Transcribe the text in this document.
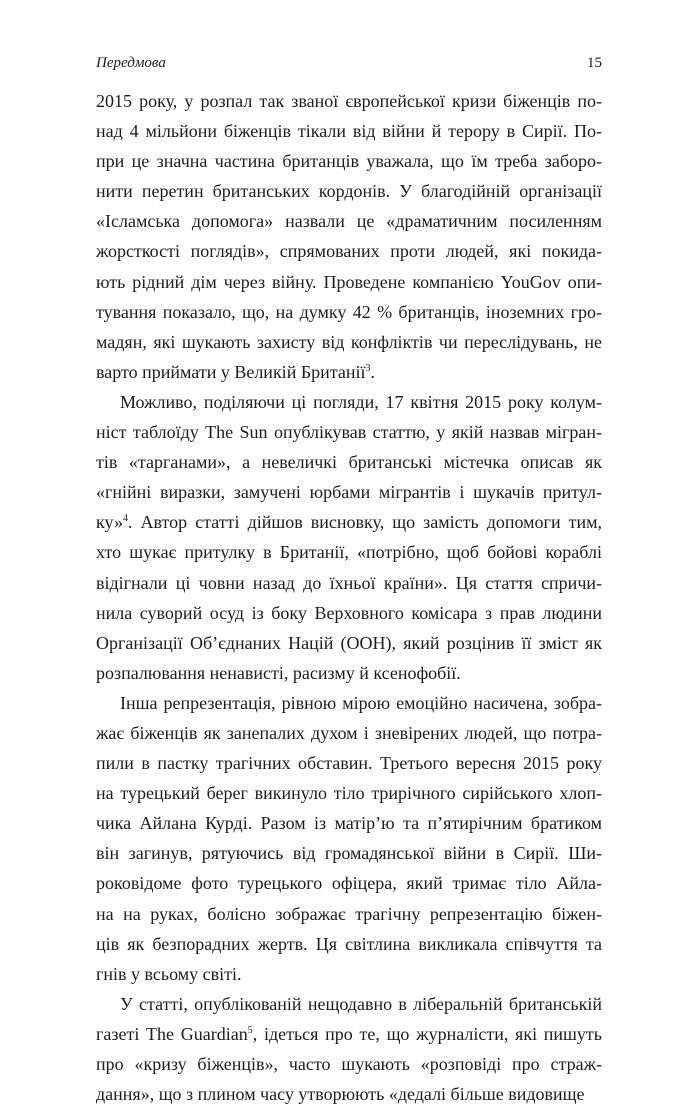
Передмова	15
2015 року, у розпал так званої європейської кризи біженців по-
над 4 мільйони біженців тікали від війни й терору в Сирії. По-
при це значна частина британців уважала, що їм треба заборо-
нити перетин британських кордонів. У благодійній організації
«Ісламська допомога» назвали це «драматичним посиленням
жорсткості поглядів», спрямованих проти людей, які покида-
ють рідний дім через війну. Проведене компанією YouGov опи-
тування показало, що, на думку 42 % британців, іноземних гро-
мадян, які шукають захисту від конфліктів чи переслідувань, не
варто приймати у Великій Британії$^3$.
Можливо, поділяючи ці погляди, 17 квітня 2015 року колум-
ніст таблоїду The Sun опублікував статтю, у якій назвав мігран-
тів «тарганами», а невеличкі британські містечка описав як
«гнійні виразки, замучені юрбами мігрантів і шукачів притул-
ку»$^4$. Автор статті дійшов висновку, що замість допомоги тим,
хто шукає притулку в Британії, «потрібно, щоб бойові кораблі
відігнали ці човни назад до їхньої країни». Ця стаття спричи-
нила суворий осуд із боку Верховного комісара з прав людини
Організації Об’єднаних Націй (ООН), який розцінив її зміст як
розпалювання ненависті, расизму й ксенофобії.
Інша репрезентація, рівною мірою емоційно насичена, зобра-
жає біженців як занепалих духом і зневірених людей, що потра-
пили в пастку трагічних обставин. Третього вересня 2015 року
на турецький берег викинуло тіло трирічного сирійського хлоп-
чика Айлана Курді. Разом із матір’ю та п’ятирічним братиком
він загинув, рятуючись від громадянської війни в Сирії. Ши-
роковідоме фото турецького офіцера, який тримає тіло Айла-
на на руках, болісно зображає трагічну репрезентацію біжен-
ців як безпорадних жертв. Ця світлина викликала співчуття та
гнів у всьому світі.
У статті, опублікованій нещодавно в ліберальній британській
газеті The Guardian$^5$, ідеться про те, що журналісти, які пишуть
про «кризу біженців», часто шукають «розповіді про страж-
дання», що з плином часу утворюють «дедалі більше видовище
